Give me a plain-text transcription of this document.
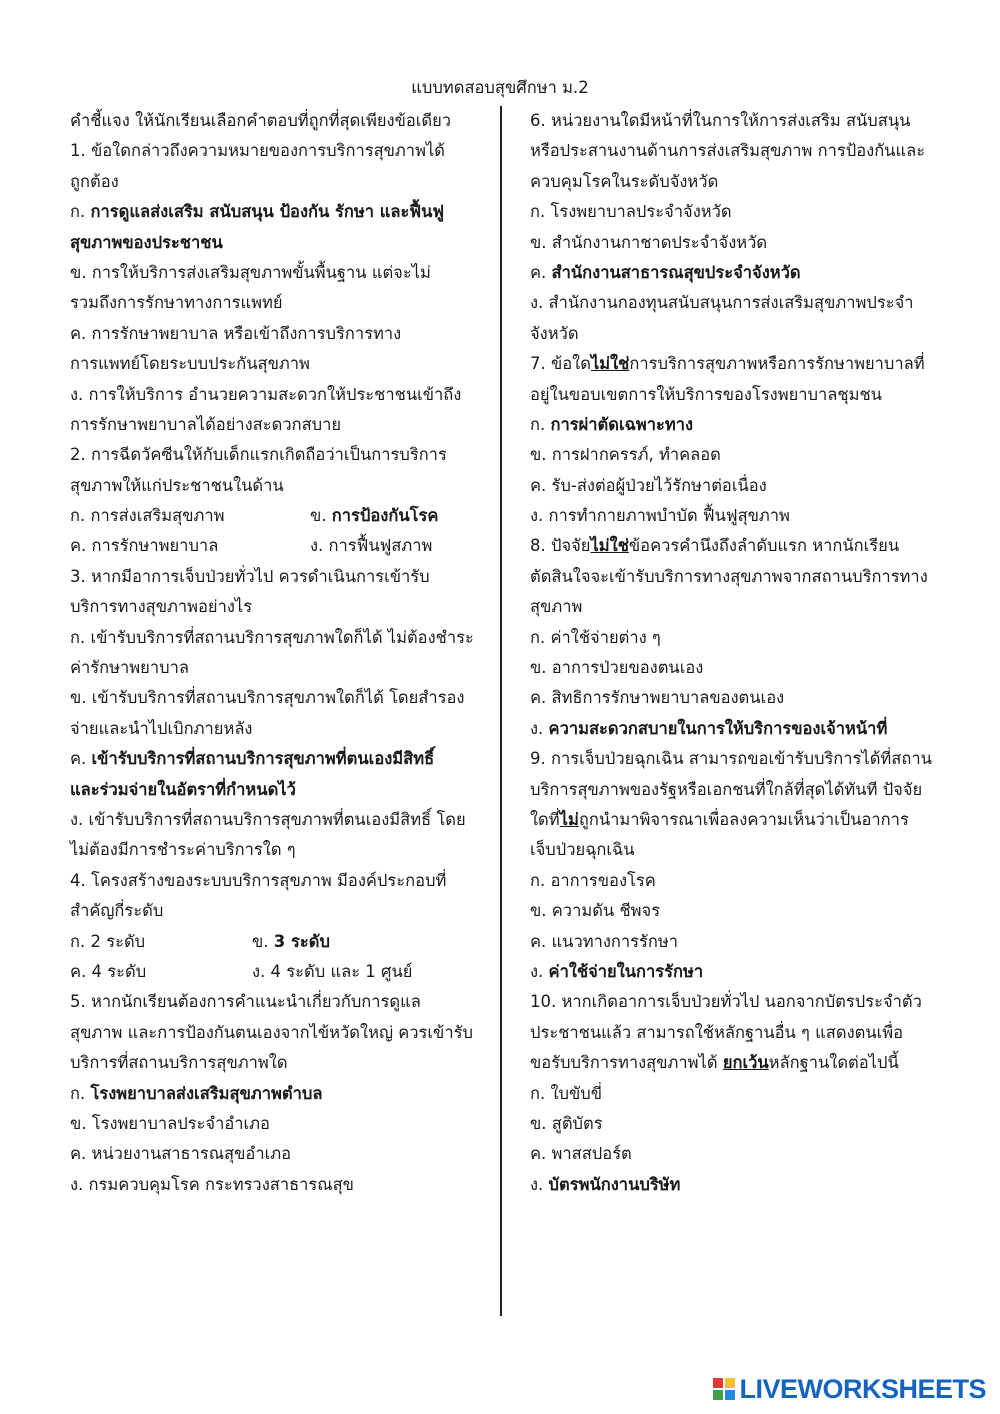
แบบทดสอบสุขศึกษา ม.2
คำชี้แจง ให้นักเรียนเลือกคำตอบที่ถูกที่สุดเพียงข้อเดียว
1. ข้อใดกล่าวถึงความหมายของการบริการสุขภาพได้
ถูกต้อง
ก. การดูแลส่งเสริม สนับสนุน ป้องกัน รักษา และฟื้นฟู
สุขภาพของประชาชน
ข. การให้บริการส่งเสริมสุขภาพขั้นพื้นฐาน แต่จะไม่
รวมถึงการรักษาทางการแพทย์
ค. การรักษาพยาบาล หรือเข้าถึงการบริการทาง
การแพทย์โดยระบบประกันสุขภาพ
ง. การให้บริการ อำนวยความสะดวกให้ประชาชนเข้าถึง
การรักษาพยาบาลได้อย่างสะดวกสบาย
2. การฉีดวัคซีนให้กับเด็กแรกเกิดถือว่าเป็นการบริการ
สุขภาพให้แก่ประชาชนในด้าน
ก. การส่งเสริมสุขภาพ	ข. การป้องกันโรค
ค. การรักษาพยาบาล	ง. การฟื้นฟูสภาพ
3. หากมีอาการเจ็บป่วยทั่วไป ควรดำเนินการเข้ารับ
บริการทางสุขภาพอย่างไร
ก. เข้ารับบริการที่สถานบริการสุขภาพใดก็ได้ ไม่ต้องชำระ
ค่ารักษาพยาบาล
ข. เข้ารับบริการที่สถานบริการสุขภาพใดก็ได้ โดยสำรอง
จ่ายและนำไปเบิกภายหลัง
ค. เข้ารับบริการที่สถานบริการสุขภาพที่ตนเองมีสิทธิ์
และร่วมจ่ายในอัตราที่กำหนดไว้
ง. เข้ารับบริการที่สถานบริการสุขภาพที่ตนเองมีสิทธิ์ โดย
ไม่ต้องมีการชำระค่าบริการใด ๆ
4. โครงสร้างของระบบบริการสุขภาพ มีองค์ประกอบที่
สำคัญกี่ระดับ
ก. 2 ระดับ	ข. 3 ระดับ
ค. 4 ระดับ	ง. 4 ระดับ และ 1 ศูนย์
5. หากนักเรียนต้องการคำแนะนำเกี่ยวกับการดูแล
สุขภาพ และการป้องกันตนเองจากไข้หวัดใหญ่ ควรเข้ารับ
บริการที่สถานบริการสุขภาพใด
ก. โรงพยาบาลส่งเสริมสุขภาพตำบล
ข. โรงพยาบาลประจำอำเภอ
ค. หน่วยงานสาธารณสุขอำเภอ
ง. กรมควบคุมโรค กระทรวงสาธารณสุข
6. หน่วยงานใดมีหน้าที่ในการให้การส่งเสริม สนับสนุน
หรือประสานงานด้านการส่งเสริมสุขภาพ การป้องกันและ
ควบคุมโรคในระดับจังหวัด
ก. โรงพยาบาลประจำจังหวัด
ข. สำนักงานกาชาดประจำจังหวัด
ค. สำนักงานสาธารณสุขประจำจังหวัด
ง. สำนักงานกองทุนสนับสนุนการส่งเสริมสุขภาพประจำ
จังหวัด
7. ข้อใดไม่ใช่การบริการสุขภาพหรือการรักษาพยาบาลที่
อยู่ในขอบเขตการให้บริการของโรงพยาบาลชุมชน
ก. การผ่าตัดเฉพาะทาง
ข. การฝากครรภ์, ทำคลอด
ค. รับ-ส่งต่อผู้ป่วยไว้รักษาต่อเนื่อง
ง. การทำกายภาพบำบัด ฟื้นฟูสุขภาพ
8. ปัจจัยไม่ใช่ข้อควรคำนึงถึงลำดับแรก หากนักเรียน
ตัดสินใจจะเข้ารับบริการทางสุขภาพจากสถานบริการทาง
สุขภาพ
ก. ค่าใช้จ่ายต่าง ๆ
ข. อาการป่วยของตนเอง
ค. สิทธิการรักษาพยาบาลของตนเอง
ง. ความสะดวกสบายในการให้บริการของเจ้าหน้าที่
9. การเจ็บป่วยฉุกเฉิน สามารถขอเข้ารับบริการได้ที่สถาน
บริการสุขภาพของรัฐหรือเอกชนที่ใกล้ที่สุดได้ทันที ปัจจัย
ใดที่ไม่ถูกนำมาพิจารณาเพื่อลงความเห็นว่าเป็นอาการ
เจ็บป่วยฉุกเฉิน
ก. อาการของโรค
ข. ความดัน ชีพจร
ค. แนวทางการรักษา
ง. ค่าใช้จ่ายในการรักษา
10. หากเกิดอาการเจ็บป่วยทั่วไป นอกจากบัตรประจำตัว
ประชาชนแล้ว สามารถใช้หลักฐานอื่น ๆ แสดงตนเพื่อ
ขอรับบริการทางสุขภาพได้ ยกเว้นหลักฐานใดต่อไปนี้
ก. ใบขับขี่
ข. สูติบัตร
ค. พาสสปอร์ต
ง. บัตรพนักงานบริษัท
LIVEWORKSHEETS
